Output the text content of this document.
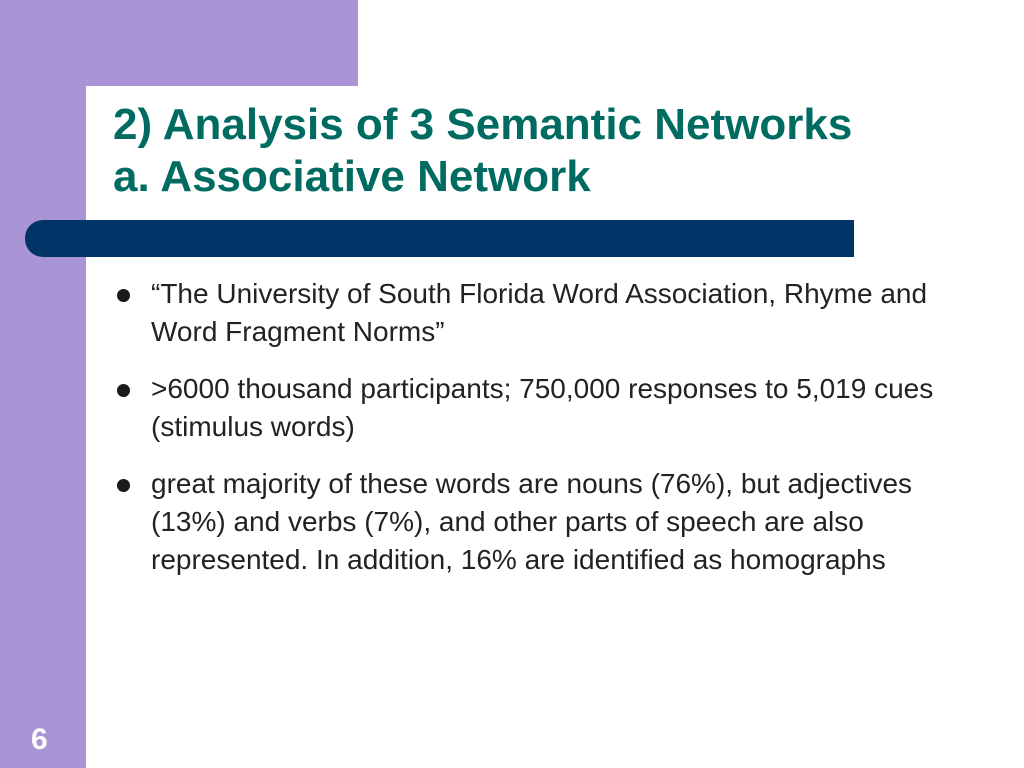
2) Analysis of 3 Semantic Networks
a. Associative Network
“The University of South Florida Word Association, Rhyme and Word Fragment Norms”
>6000 thousand participants; 750,000 responses to 5,019 cues (stimulus words)
great majority of these words are nouns (76%), but adjectives (13%) and verbs (7%), and other parts of speech are also represented. In addition, 16% are identified as homographs
6
